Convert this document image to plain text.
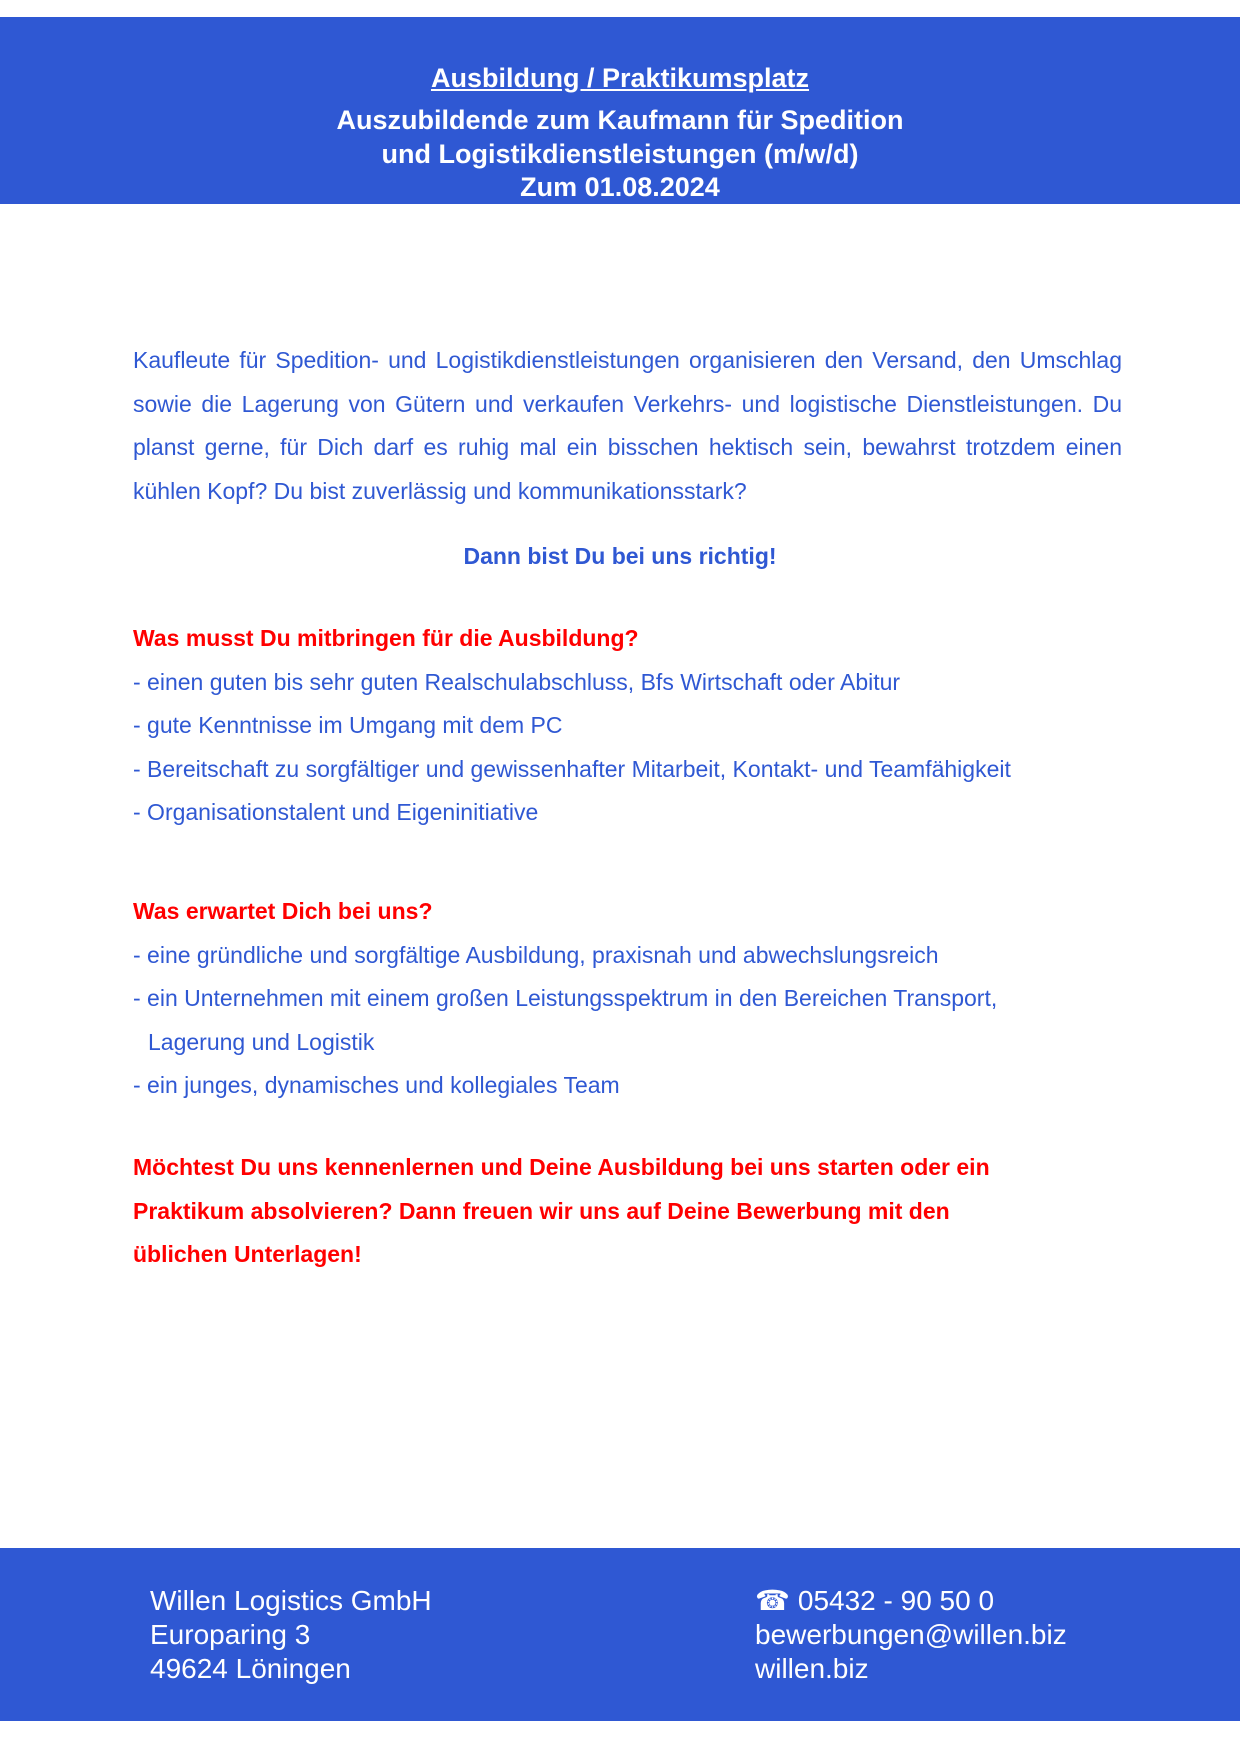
Ausbildung / Praktikumsplatz
Auszubildende zum Kaufmann für Spedition
und Logistikdienstleistungen (m/w/d)
Zum 01.08.2024
Kaufleute für Spedition- und Logistikdienstleistungen organisieren den Versand, den Umschlag sowie die Lagerung von Gütern und verkaufen Verkehrs- und logistische Dienstleistungen. Du planst gerne, für Dich darf es ruhig mal ein bisschen hektisch sein, bewahrst trotzdem einen kühlen Kopf? Du bist zuverlässig und kommunikationsstark?
Dann bist Du bei uns richtig!
Was musst Du mitbringen für die Ausbildung?
- einen guten bis sehr guten Realschulabschluss, Bfs Wirtschaft oder Abitur
- gute Kenntnisse im Umgang mit dem PC
- Bereitschaft zu sorgfältiger und gewissenhafter Mitarbeit, Kontakt- und Teamfähigkeit
- Organisationstalent und Eigeninitiative
Was erwartet Dich bei uns?
- eine gründliche und sorgfältige Ausbildung, praxisnah und abwechslungsreich
- ein Unternehmen mit einem großen Leistungsspektrum in den Bereichen Transport,
Lagerung und Logistik
- ein junges, dynamisches und kollegiales Team
Möchtest Du uns kennenlernen und Deine Ausbildung bei uns starten oder ein
Praktikum absolvieren? Dann freuen wir uns auf Deine Bewerbung mit den
üblichen Unterlagen!
Willen Logistics GmbH
Europaring 3
49624 Löningen
☎ 05432 - 90 50 0
bewerbungen@willen.biz
willen.biz
